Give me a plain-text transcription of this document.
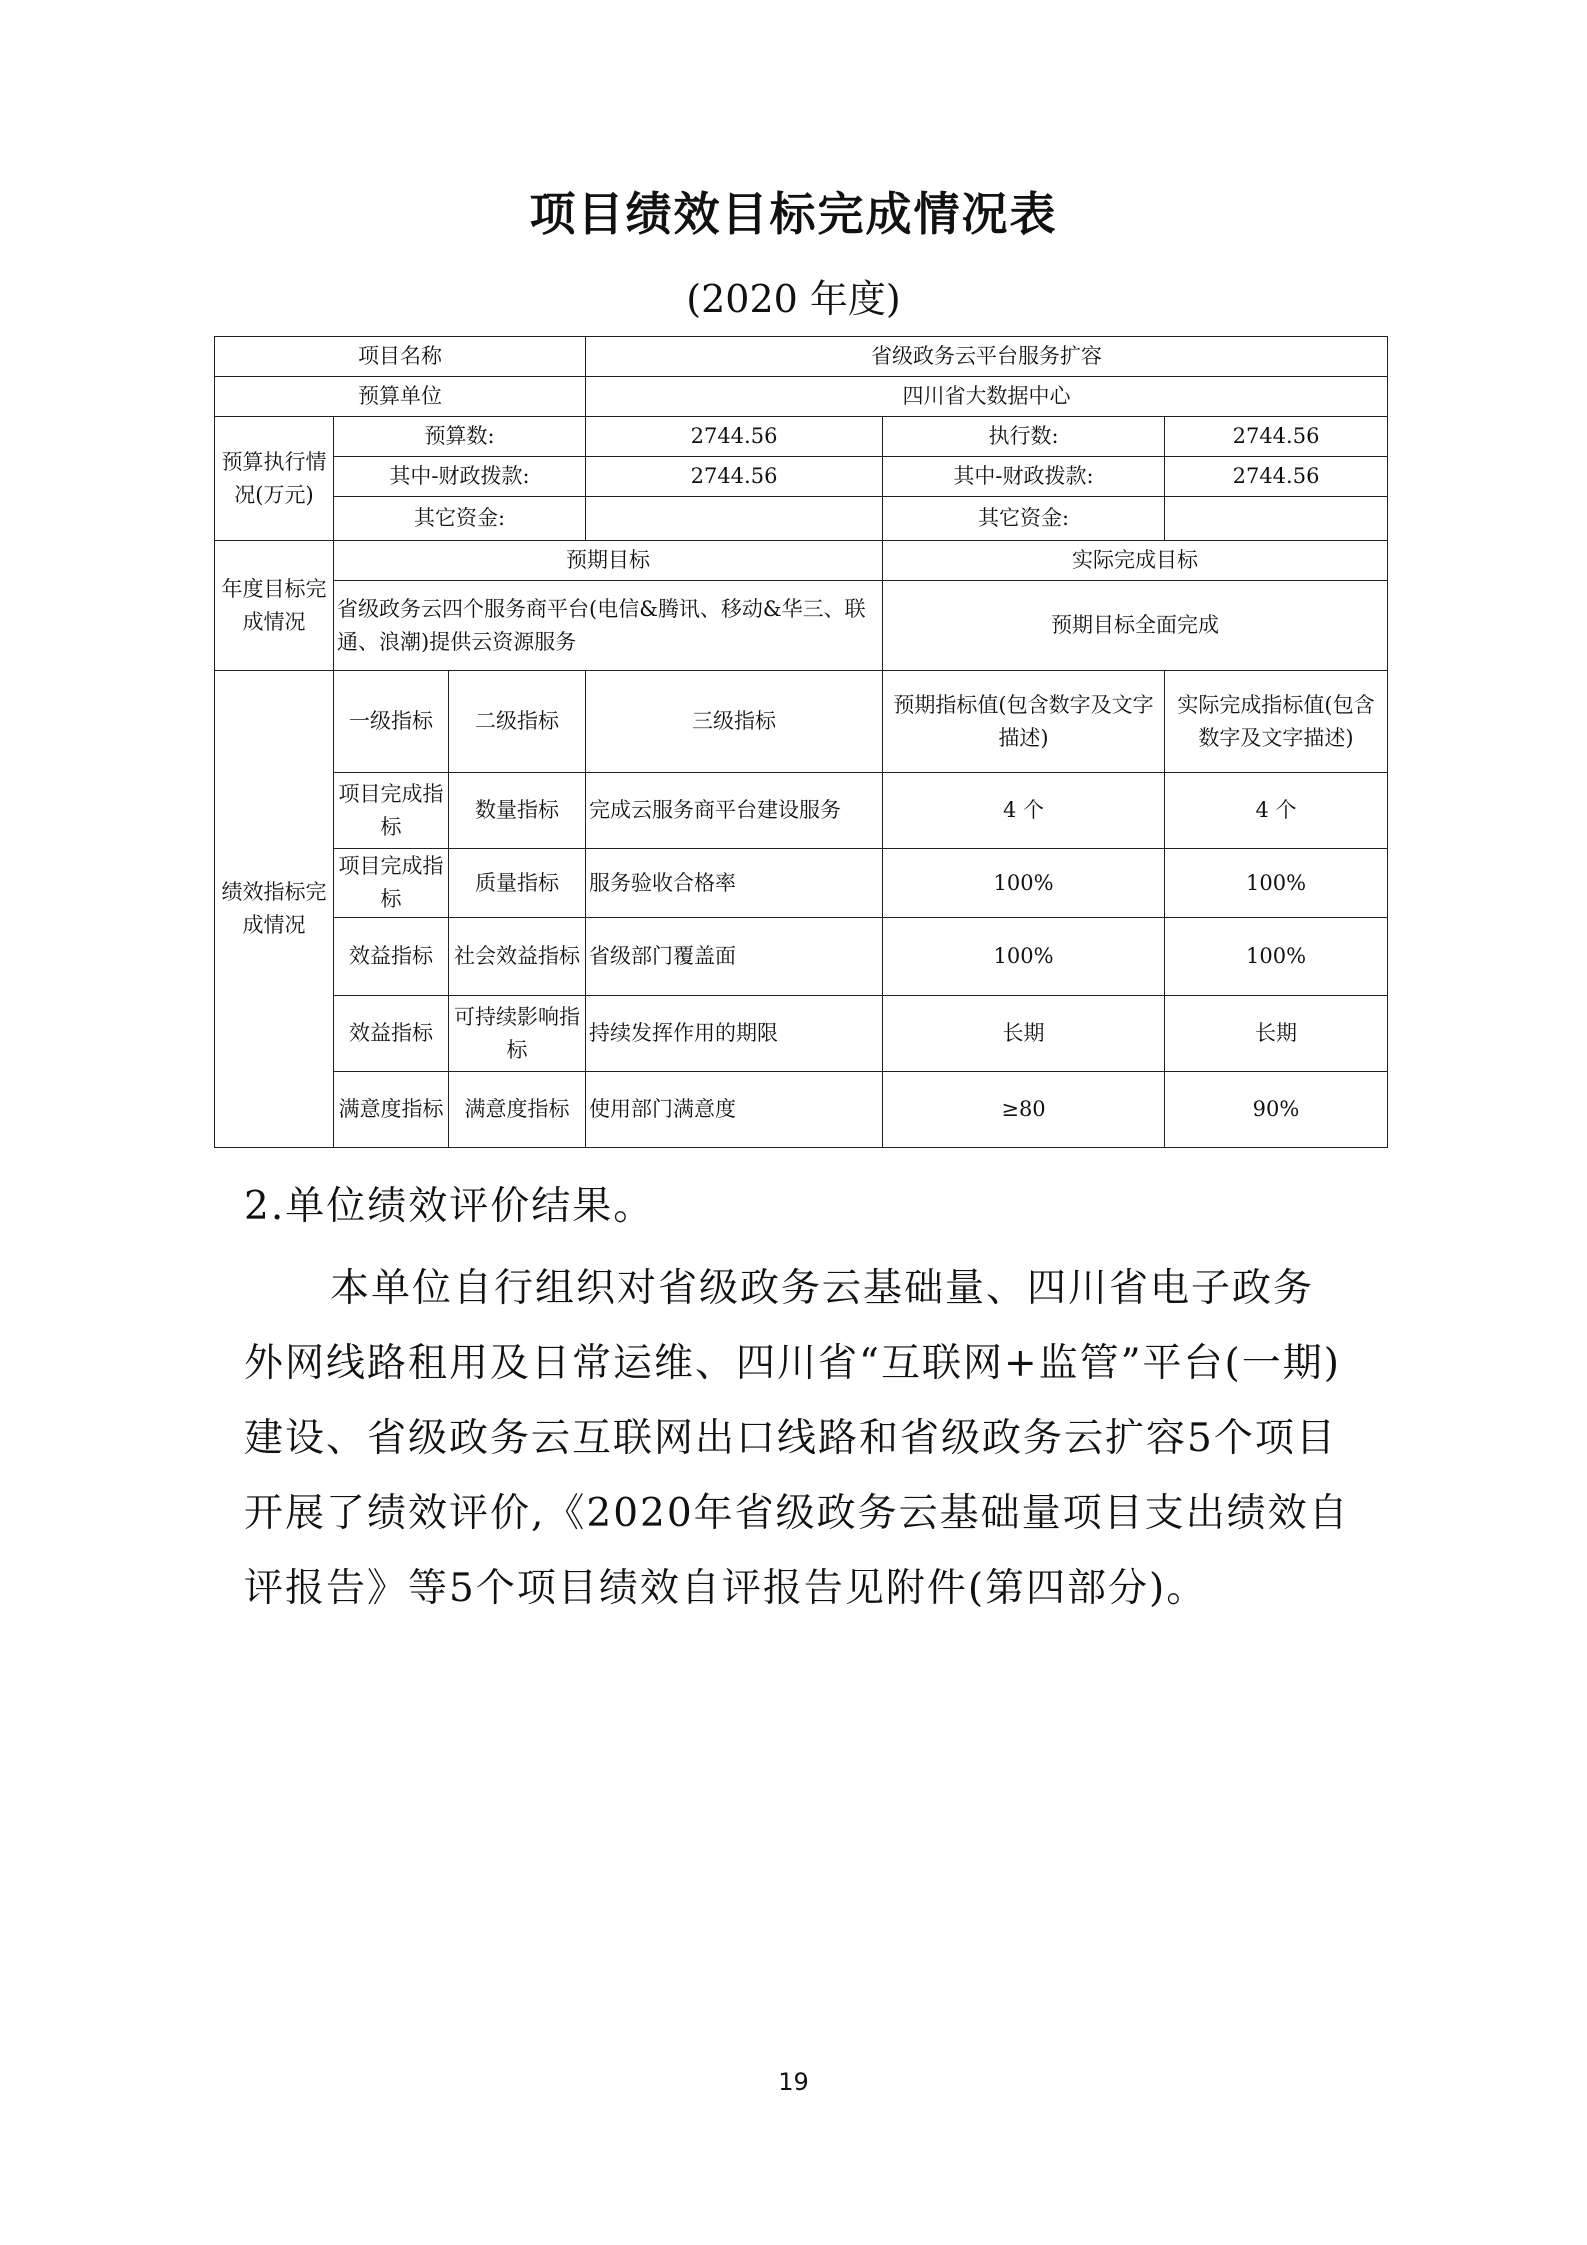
项目绩效目标完成情况表
(2020 年度)
项目名称			省级政务云平台服务扩容		
预算单位			四川省大数据中心		
预算执行情况(万元)	预算数:		2744.56	执行数:	2744.56
	其中-财政拨款:		2744.56	其中-财政拨款:	2744.56
	其它资金:			其它资金:	
年度目标完成情况	预期目标			实际完成目标	
	省级政务云四个服务商平台(电信&腾讯、移动&华三、联通、浪潮)提供云资源服务			预期目标全面完成	
绩效指标完成情况	一级指标	二级指标	三级指标	预期指标值(包含数字及文字描述)	实际完成指标值(包含数字及文字描述)
	项目完成指标	数量指标	完成云服务商平台建设服务	4 个	4 个
	项目完成指标	质量指标	服务验收合格率	100%	100%
	效益指标	社会效益指标	省级部门覆盖面	100%	100%
	效益指标	可持续影响指标	持续发挥作用的期限	长期	长期
	满意度指标	满意度指标	使用部门满意度	≥80	90%
2.单位绩效评价结果。
本单位自行组织对省级政务云基础量、四川省电子政务外网线路租用及日常运维、四川省“互联网+监管”平台(一期)建设、省级政务云互联网出口线路和省级政务云扩容5个项目开展了绩效评价,《2020年省级政务云基础量项目支出绩效自评报告》等5个项目绩效自评报告见附件(第四部分)。
19
